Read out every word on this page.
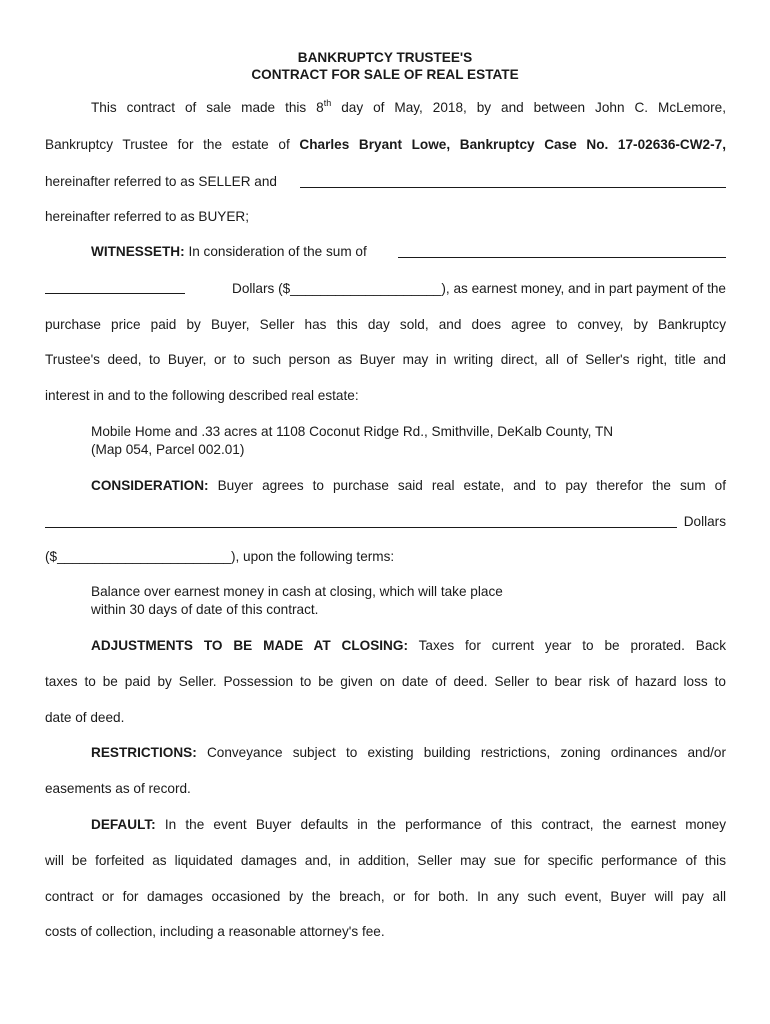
BANKRUPTCY TRUSTEE'S
CONTRACT FOR SALE OF REAL ESTATE
This contract of sale made this 8th day of May, 2018, by and between John C. McLemore,
Bankruptcy Trustee for the estate of Charles Bryant Lowe, Bankruptcy Case No. 17-02636-CW2-7,
hereinafter referred to as SELLER and
hereinafter referred to as BUYER;
WITNESSETH: In consideration of the sum of
Dollars ($____________________), as earnest money, and in part payment of the
purchase price paid by Buyer, Seller has this day sold, and does agree to convey, by Bankruptcy
Trustee's deed, to Buyer, or to such person as Buyer may in writing direct, all of Seller's right, title and
interest in and to the following described real estate:
Mobile Home and .33 acres at 1108 Coconut Ridge Rd., Smithville, DeKalb County, TN
(Map 054, Parcel 002.01)
CONSIDERATION: Buyer agrees to purchase said real estate, and to pay therefor the sum of
Dollars
($_______________________), upon the following terms:
Balance over earnest money in cash at closing, which will take place
within 30 days of date of this contract.
ADJUSTMENTS TO BE MADE AT CLOSING: Taxes for current year to be prorated. Back
taxes to be paid by Seller. Possession to be given on date of deed. Seller to bear risk of hazard loss to
date of deed.
RESTRICTIONS: Conveyance subject to existing building restrictions, zoning ordinances and/or
easements as of record.
DEFAULT: In the event Buyer defaults in the performance of this contract, the earnest money
will be forfeited as liquidated damages and, in addition, Seller may sue for specific performance of this
contract or for damages occasioned by the breach, or for both. In any such event, Buyer will pay all
costs of collection, including a reasonable attorney's fee.
